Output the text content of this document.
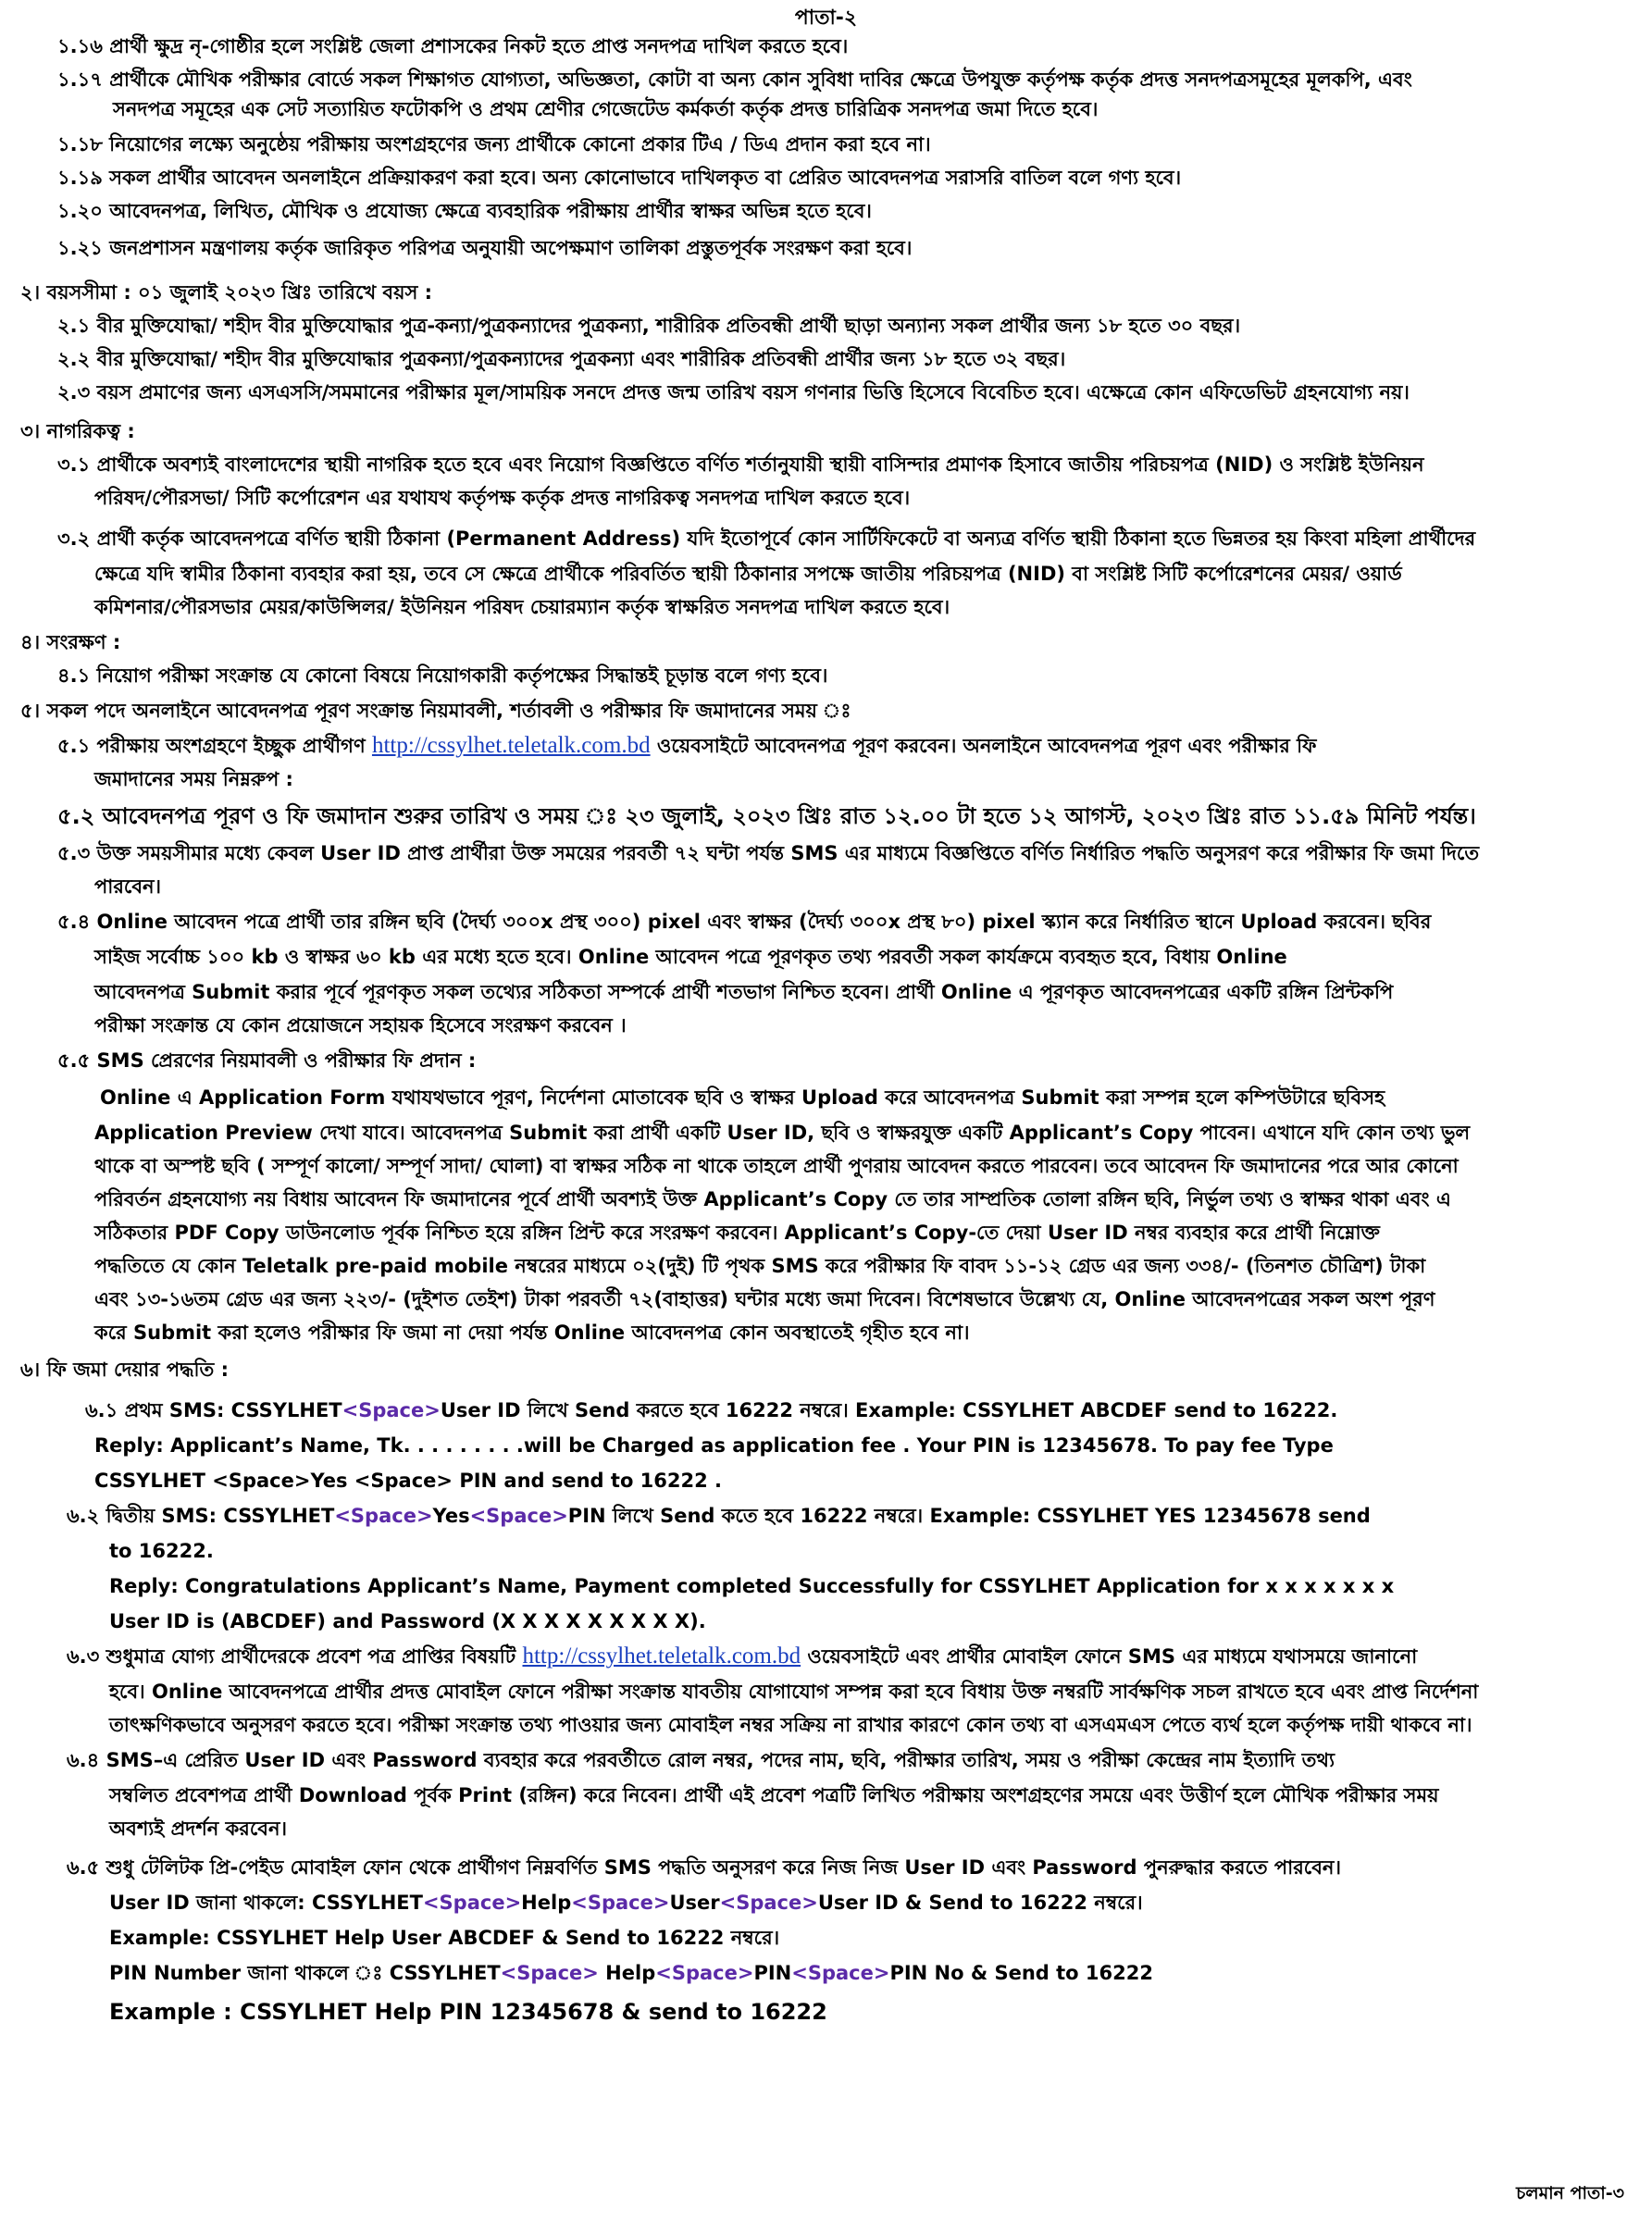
পাতা-২
১.১৬ প্রার্থী ক্ষুদ্র নৃ-গোষ্ঠীর হলে সংশ্লিষ্ট জেলা প্রশাসকের নিকট হতে প্রাপ্ত সনদপত্র দাখিল করতে হবে।
১.১৭ প্রার্থীকে মৌখিক পরীক্ষার বোর্ডে সকল শিক্ষাগত যোগ্যতা, অভিজ্ঞতা, কোটা বা অন্য কোন সুবিধা দাবির ক্ষেত্রে উপযুক্ত কর্তৃপক্ষ কর্তৃক প্রদত্ত সনদপত্রসমূহের মূলকপি, এবং
সনদপত্র সমূহের এক সেট সত্যায়িত ফটোকপি ও প্রথম শ্রেণীর গেজেটেড কর্মকর্তা কর্তৃক প্রদত্ত চারিত্রিক সনদপত্র জমা দিতে হবে।
১.১৮ নিয়োগের লক্ষ্যে অনুষ্ঠেয় পরীক্ষায় অংশগ্রহণের জন্য প্রার্থীকে কোনো প্রকার টিএ / ডিএ প্রদান করা হবে না।
১.১৯ সকল প্রার্থীর আবেদন অনলাইনে প্রক্রিয়াকরণ করা হবে। অন্য কোনোভাবে দাখিলকৃত বা প্রেরিত আবেদনপত্র সরাসরি বাতিল বলে গণ্য হবে।
১.২০ আবেদনপত্র, লিখিত, মৌখিক ও প্রযোজ্য ক্ষেত্রে ব্যবহারিক পরীক্ষায় প্রার্থীর স্বাক্ষর অভিন্ন হতে হবে।
১.২১ জনপ্রশাসন মন্ত্রণালয় কর্তৃক জারিকৃত পরিপত্র অনুযায়ী অপেক্ষমাণ তালিকা প্রস্তুতপূর্বক সংরক্ষণ করা হবে।
২। বয়সসীমা : ০১ জুলাই ২০২৩ খ্রিঃ তারিখে বয়স :
২.১ বীর মুক্তিযোদ্ধা/ শহীদ বীর মুক্তিযোদ্ধার পুত্র-কন্যা/পুত্রকন্যাদের পুত্রকন্যা, শারীরিক প্রতিবন্ধী প্রার্থী ছাড়া অন্যান্য সকল প্রার্থীর জন্য ১৮ হতে ৩০ বছর।
২.২ বীর মুক্তিযোদ্ধা/ শহীদ বীর মুক্তিযোদ্ধার পুত্রকন্যা/পুত্রকন্যাদের পুত্রকন্যা এবং শারীরিক প্রতিবন্ধী প্রার্থীর জন্য ১৮ হতে ৩২ বছর।
২.৩ বয়স প্রমাণের জন্য এসএসসি/সমমানের পরীক্ষার মূল/সাময়িক সনদে প্রদত্ত জন্ম তারিখ বয়স গণনার ভিত্তি হিসেবে বিবেচিত হবে। এক্ষেত্রে কোন এফিডেভিট গ্রহনযোগ্য নয়।
৩। নাগরিকত্ব :
৩.১ প্রার্থীকে অবশ্যই বাংলাদেশের স্থায়ী নাগরিক হতে হবে এবং নিয়োগ বিজ্ঞপ্তিতে বর্ণিত শর্তানুযায়ী স্থায়ী বাসিন্দার প্রমাণক হিসাবে জাতীয় পরিচয়পত্র (NID) ও সংশ্লিষ্ট ইউনিয়ন
পরিষদ/পৌরসভা/ সিটি কর্পোরেশন এর যথাযথ কর্তৃপক্ষ কর্তৃক প্রদত্ত নাগরিকত্ব সনদপত্র দাখিল করতে হবে।
৩.২ প্রার্থী কর্তৃক আবেদনপত্রে বর্ণিত স্থায়ী ঠিকানা (Permanent Address) যদি ইতোপূর্বে কোন সার্টিফিকেটে বা অন্যত্র বর্ণিত স্থায়ী ঠিকানা হতে ভিন্নতর হয় কিংবা মহিলা প্রার্থীদের
ক্ষেত্রে যদি স্বামীর ঠিকানা ব্যবহার করা হয়, তবে সে ক্ষেত্রে প্রার্থীকে পরিবর্তিত স্থায়ী ঠিকানার সপক্ষে জাতীয় পরিচয়পত্র (NID) বা সংশ্লিষ্ট সিটি কর্পোরেশনের মেয়র/ ওয়ার্ড
কমিশনার/পৌরসভার মেয়র/কাউন্সিলর/ ইউনিয়ন পরিষদ চেয়ারম্যান কর্তৃক স্বাক্ষরিত সনদপত্র দাখিল করতে হবে।
৪। সংরক্ষণ :
৪.১ নিয়োগ পরীক্ষা সংক্রান্ত যে কোনো বিষয়ে নিয়োগকারী কর্তৃপক্ষের সিদ্ধান্তই চূড়ান্ত বলে গণ্য হবে।
৫। সকল পদে অনলাইনে আবেদনপত্র পূরণ সংক্রান্ত নিয়মাবলী, শর্তাবলী ও পরীক্ষার ফি জমাদানের সময় ঃ
৫.১ পরীক্ষায় অংশগ্রহণে ইচ্ছুক প্রার্থীগণ http://cssylhet.teletalk.com.bd ওয়েবসাইটে আবেদনপত্র পূরণ করবেন। অনলাইনে আবেদনপত্র পূরণ এবং পরীক্ষার ফি
জমাদানের সময় নিম্নরুপ :
৫.২ আবেদনপত্র পূরণ ও ফি জমাদান শুরুর তারিখ ও সময় ঃ ২৩ জুলাই, ২০২৩ খ্রিঃ রাত ১২.০০ টা হতে ১২ আগস্ট, ২০২৩ খ্রিঃ রাত ১১.৫৯ মিনিট পর্যন্ত।
৫.৩ উক্ত সময়সীমার মধ্যে কেবল User ID প্রাপ্ত প্রার্থীরা উক্ত সময়ের পরবর্তী ৭২ ঘন্টা পর্যন্ত SMS এর মাধ্যমে বিজ্ঞপ্তিতে বর্ণিত নির্ধারিত পদ্ধতি অনুসরণ করে পরীক্ষার ফি জমা দিতে
পারবেন।
৫.৪ Online আবেদন পত্রে প্রার্থী তার রঙ্গিন ছবি (দৈর্ঘ্য ৩০০x প্রস্থ ৩০০) pixel এবং স্বাক্ষর (দৈর্ঘ্য ৩০০x প্রস্থ ৮০) pixel স্ক্যান করে নির্ধারিত স্থানে Upload করবেন। ছবির
সাইজ সর্বোচ্চ ১০০ kb ও স্বাক্ষর ৬০ kb এর মধ্যে হতে হবে। Online আবেদন পত্রে পূরণকৃত তথ্য পরবর্তী সকল কার্যক্রমে ব্যবহৃত হবে, বিধায় Online
আবেদনপত্র Submit করার পূর্বে পূরণকৃত সকল তথ্যের সঠিকতা সম্পর্কে প্রার্থী শতভাগ নিশ্চিত হবেন। প্রার্থী Online এ পূরণকৃত আবেদনপত্রের একটি রঙ্গিন প্রিন্টকপি
পরীক্ষা সংক্রান্ত যে কোন প্রয়োজনে সহায়ক হিসেবে সংরক্ষণ করবেন ।
৫.৫ SMS প্রেরণের নিয়মাবলী ও পরীক্ষার ফি প্রদান :
Online এ Application Form যথাযথভাবে পূরণ, নির্দেশনা মোতাবেক ছবি ও স্বাক্ষর Upload করে আবেদনপত্র Submit করা সম্পন্ন হলে কম্পিউটারে ছবিসহ
Application Preview দেখা যাবে। আবেদনপত্র Submit করা প্রার্থী একটি User ID, ছবি ও স্বাক্ষরযুক্ত একটি Applicant’s Copy পাবেন। এখানে যদি কোন তথ্য ভুল
থাকে বা অস্পষ্ট ছবি ( সম্পূর্ণ কালো/ সম্পূর্ণ সাদা/ ঘোলা) বা স্বাক্ষর সঠিক না থাকে তাহলে প্রার্থী পুণরায় আবেদন করতে পারবেন। তবে আবেদন ফি জমাদানের পরে আর কোনো
পরিবর্তন গ্রহনযোগ্য নয় বিধায় আবেদন ফি জমাদানের পূর্বে প্রার্থী অবশ্যই উক্ত Applicant’s Copy তে তার সাম্প্রতিক তোলা রঙ্গিন ছবি, নির্ভুল তথ্য ও স্বাক্ষর থাকা এবং এ
সঠিকতার PDF Copy ডাউনলোড পূর্বক নিশ্চিত হয়ে রঙ্গিন প্রিন্ট করে সংরক্ষণ করবেন। Applicant’s Copy-তে দেয়া User ID নম্বর ব্যবহার করে প্রার্থী নিম্নোক্ত
পদ্ধতিতে যে কোন Teletalk pre-paid mobile নম্বরের মাধ্যমে ০২(দুই) টি পৃথক SMS করে পরীক্ষার ফি বাবদ ১১-১২ গ্রেড এর জন্য ৩৩৪/- (তিনশত চৌত্রিশ) টাকা
এবং ১৩-১৬তম গ্রেড এর জন্য ২২৩/- (দুইশত তেইশ) টাকা পরবর্তী ৭২(বাহাত্তর) ঘন্টার মধ্যে জমা দিবেন। বিশেষভাবে উল্লেখ্য যে, Online আবেদনপত্রের সকল অংশ পূরণ
করে Submit করা হলেও পরীক্ষার ফি জমা না দেয়া পর্যন্ত Online আবেদনপত্র কোন অবস্থাতেই গৃহীত হবে না।
৬। ফি জমা দেয়ার পদ্ধতি :
৬.১ প্রথম SMS: CSSYLHET<Space>User ID লিখে Send করতে হবে 16222 নম্বরে। Example: CSSYLHET ABCDEF send to 16222.
Reply: Applicant’s Name, Tk. . . . . . . . .will be Charged as application fee . Your PIN is 12345678. To pay fee Type
CSSYLHET <Space>Yes <Space> PIN and send to 16222 .
৬.২ দ্বিতীয় SMS: CSSYLHET<Space>Yes<Space>PIN লিখে Send কতে হবে 16222 নম্বরে। Example: CSSYLHET YES 12345678 send
to 16222.
Reply: Congratulations Applicant’s Name, Payment completed Successfully for CSSYLHET Application for x x x x x x x
User ID is (ABCDEF) and Password (X X X X X X X X X).
৬.৩ শুধুমাত্র যোগ্য প্রার্থীদেরকে প্রবেশ পত্র প্রাপ্তির বিষয়টি http://cssylhet.teletalk.com.bd ওয়েবসাইটে এবং প্রার্থীর মোবাইল ফোনে SMS এর মাধ্যমে যথাসময়ে জানানো
হবে। Online আবেদনপত্রে প্রার্থীর প্রদত্ত মোবাইল ফোনে পরীক্ষা সংক্রান্ত যাবতীয় যোগাযোগ সম্পন্ন করা হবে বিধায় উক্ত নম্বরটি সার্বক্ষণিক সচল রাখতে হবে এবং প্রাপ্ত নির্দেশনা
তাৎক্ষণিকভাবে অনুসরণ করতে হবে। পরীক্ষা সংক্রান্ত তথ্য পাওয়ার জন্য মোবাইল নম্বর সক্রিয় না রাখার কারণে কোন তথ্য বা এসএমএস পেতে ব্যর্থ হলে কর্তৃপক্ষ দায়ী থাকবে না।
৬.৪ SMS–এ প্রেরিত User ID এবং Password ব্যবহার করে পরবর্তীতে রোল নম্বর, পদের নাম, ছবি, পরীক্ষার তারিখ, সময় ও পরীক্ষা কেন্দ্রের নাম ইত্যাদি তথ্য
সম্বলিত প্রবেশপত্র প্রার্থী Download পূর্বক Print (রঙ্গিন) করে নিবেন। প্রার্থী এই প্রবেশ পত্রটি লিখিত পরীক্ষায় অংশগ্রহণের সময়ে এবং উত্তীর্ণ হলে মৌখিক পরীক্ষার সময়
অবশ্যই প্রদর্শন করবেন।
৬.৫ শুধু টেলিটক প্রি-পেইড মোবাইল ফোন থেকে প্রার্থীগণ নিম্নবর্ণিত SMS পদ্ধতি অনুসরণ করে নিজ নিজ User ID এবং Password পুনরুদ্ধার করতে পারবেন।
User ID জানা থাকলে: CSSYLHET<Space>Help<Space>User<Space>User ID & Send to 16222 নম্বরে।
Example: CSSYLHET Help User ABCDEF & Send to 16222 নম্বরে।
PIN Number জানা থাকলে ঃ CSSYLHET<Space> Help<Space>PIN<Space>PIN No & Send to 16222
Example : CSSYLHET Help PIN 12345678 & send to 16222
চলমান পাতা-৩
